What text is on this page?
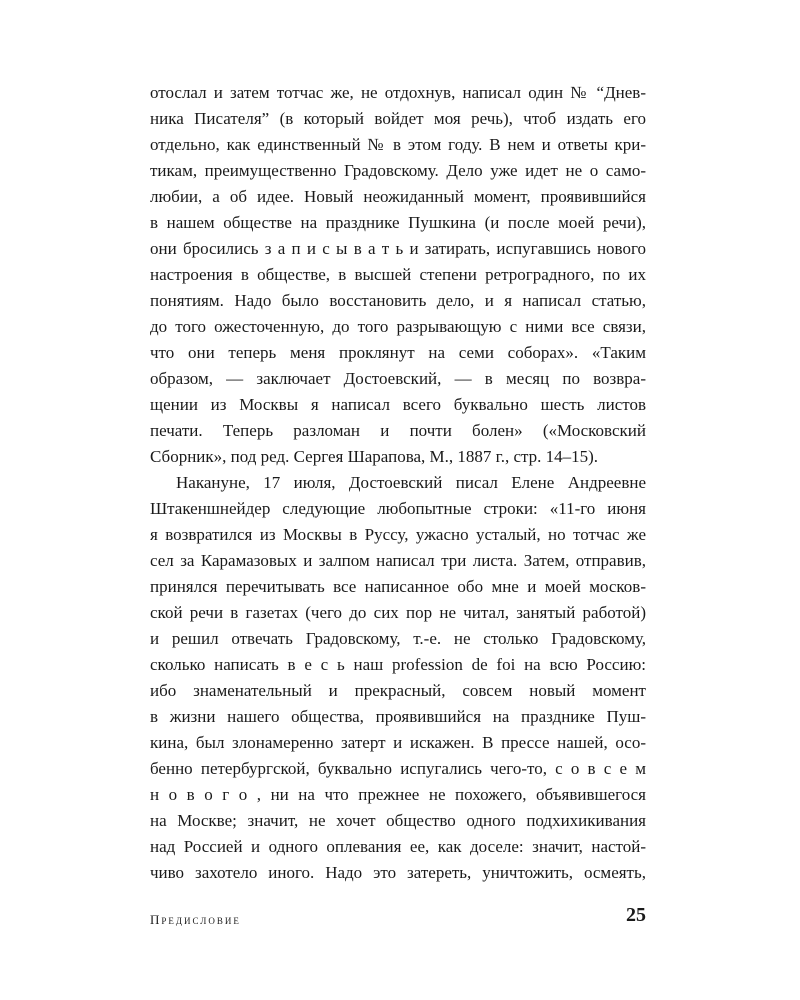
отослал и затем тотчас же, не отдохнув, написал один № “Днев-
ника Писателя” (в который войдет моя речь), чтоб издать его
отдельно, как единственный № в этом году. В нем и ответы кри-
тикам, преимущественно Градовскому. Дело уже идет не о само-
любии, а об идее. Новый неожиданный момент, проявившийся
в нашем обществе на празднике Пушкина (и после моей речи),
они бросились з а п и с ы в а т ь и затирать, испугавшись нового
настроения в обществе, в высшей степени ретроградного, по их
понятиям. Надо было восстановить дело, и я написал статью,
до того ожесточенную, до того разрывающую с ними все связи,
что они теперь меня проклянут на семи соборах». «Таким
образом, — заключает Достоевский, — в месяц по возвра-
щении из Москвы я написал всего буквально шесть листов
печати. Теперь разломан и почти болен» («Московский
Сборник», под ред. Сергея Шарапова, М., 1887 г., стр. 14–15).
Накануне, 17 июля, Достоевский писал Елене Андреевне
Штакеншнейдер следующие любопытные строки: «11-го июня
я возвратился из Москвы в Руссу, ужасно усталый, но тотчас же
сел за Карамазовых и залпом написал три листа. Затем, отправив,
принялся перечитывать все написанное обо мне и моей москов-
ской речи в газетах (чего до сих пор не читал, занятый работой)
и решил отвечать Градовскому, т.-е. не столько Градовскому,
сколько написать в е с ь наш profession de foi на всю Россию:
ибо знаменательный и прекрасный, совсем новый момент
в жизни нашего общества, проявившийся на празднике Пуш-
кина, был злонамеренно затерт и искажен. В прессе нашей, осо-
бенно петербургской, буквально испугались чего-то, с о в с е м
н о в о г о , ни на что прежнее не похожего, объявившегося
на Москве; значит, не хочет общество одного подхихикивания
над Россией и одного оплевания ее, как доселе: значит, настой-
чиво захотело иного. Надо это затереть, уничтожить, осмеять,
Предисловие	25
